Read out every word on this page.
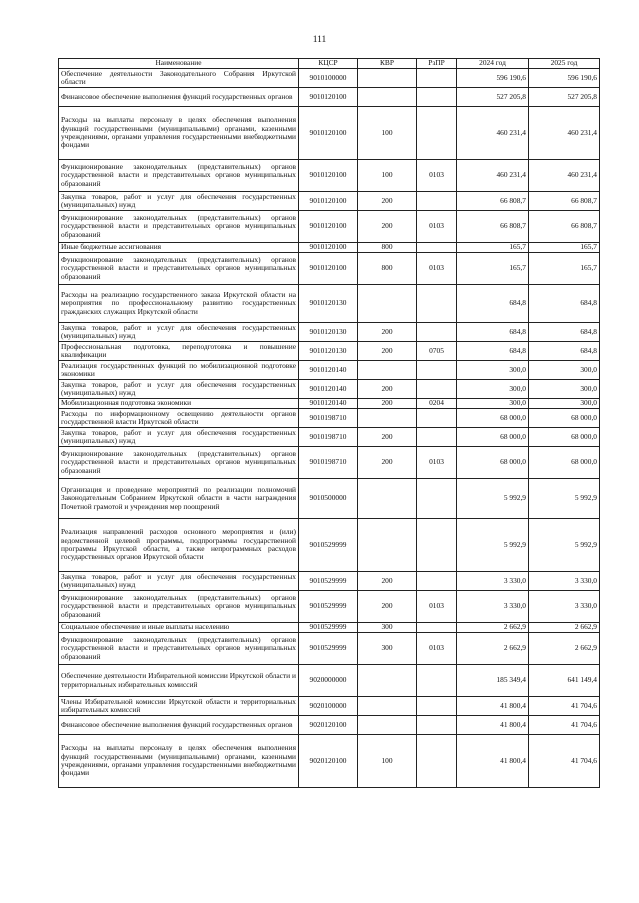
111
Наименование	КЦСР	КВР	РзПР	2024 год	2025 год
Обеспечение деятельности Законодательного Собрания Иркутской области	9010100000			596 190,6	596 190,6
Финансовое обеспечение выполнения функций государственных органов	9010120100			527 205,8	527 205,8
Расходы на выплаты персоналу в целях обеспечения выполнения функций государственными (муниципальными) органами, казенными учреждениями, органами управления государственными внебюджетными фондами	9010120100	100		460 231,4	460 231,4
Функционирование законодательных (представительных) органов государственной власти и представительных органов муниципальных образований	9010120100	100	0103	460 231,4	460 231,4
Закупка товаров, работ и услуг для обеспечения государственных (муниципальных) нужд	9010120100	200		66 808,7	66 808,7
Функционирование законодательных (представительных) органов государственной власти и представительных органов муниципальных образований	9010120100	200	0103	66 808,7	66 808,7
Иные бюджетные ассигнования	9010120100	800		165,7	165,7
Функционирование законодательных (представительных) органов государственной власти и представительных органов муниципальных образований	9010120100	800	0103	165,7	165,7
Расходы на реализацию государственного заказа Иркутской области на мероприятия по профессиональному развитию государственных гражданских служащих Иркутской области	9010120130			684,8	684,8
Закупка товаров, работ и услуг для обеспечения государственных (муниципальных) нужд	9010120130	200		684,8	684,8
Профессиональная подготовка, переподготовка и повышение квалификации	9010120130	200	0705	684,8	684,8
Реализация государственных функций по мобилизационной подготовке экономики	9010120140			300,0	300,0
Закупка товаров, работ и услуг для обеспечения государственных (муниципальных) нужд	9010120140	200		300,0	300,0
Мобилизационная подготовка экономики	9010120140	200	0204	300,0	300,0
Расходы по информационному освещению деятельности органов государственной власти Иркутской области	9010198710			68 000,0	68 000,0
Закупка товаров, работ и услуг для обеспечения государственных (муниципальных) нужд	9010198710	200		68 000,0	68 000,0
Функционирование законодательных (представительных) органов государственной власти и представительных органов муниципальных образований	9010198710	200	0103	68 000,0	68 000,0
Организация и проведение мероприятий по реализации полномочий Законодательным Собранием Иркутской области в части награждения Почетной грамотой и учреждения мер поощрений	9010500000			5 992,9	5 992,9
Реализация направлений расходов основного мероприятия и (или) ведомственной целевой программы, подпрограммы государственной программы Иркутской области, а также непрограммных расходов государственных органов Иркутской области	9010529999			5 992,9	5 992,9
Закупка товаров, работ и услуг для обеспечения государственных (муниципальных) нужд	9010529999	200		3 330,0	3 330,0
Функционирование законодательных (представительных) органов государственной власти и представительных органов муниципальных образований	9010529999	200	0103	3 330,0	3 330,0
Социальное обеспечение и иные выплаты населению	9010529999	300		2 662,9	2 662,9
Функционирование законодательных (представительных) органов государственной власти и представительных органов муниципальных образований	9010529999	300	0103	2 662,9	2 662,9
Обеспечение деятельности Избирательной комиссии Иркутской области и территориальных избирательных комиссий	9020000000			185 349,4	641 149,4
Члены Избирательной комиссии Иркутской области и территориальных избирательных комиссий	9020100000			41 800,4	41 704,6
Финансовое обеспечение выполнения функций государственных органов	9020120100			41 800,4	41 704,6
Расходы на выплаты персоналу в целях обеспечения выполнения функций государственными (муниципальными) органами, казенными учреждениями, органами управления государственными внебюджетными фондами	9020120100	100		41 800,4	41 704,6
